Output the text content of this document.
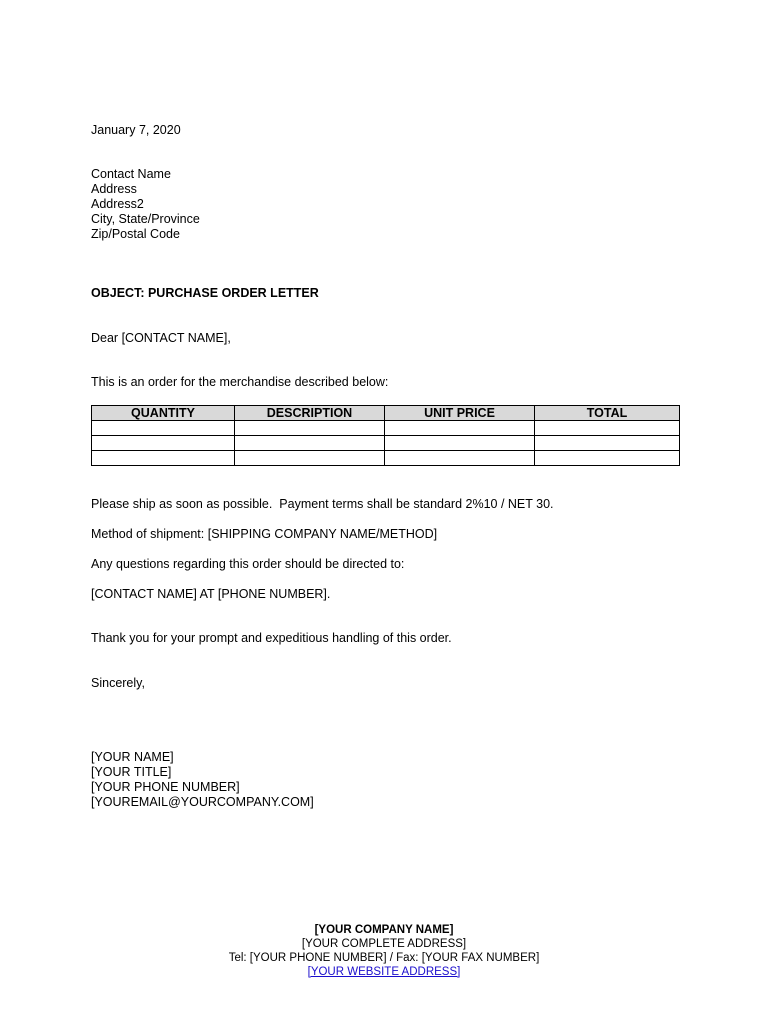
January 7, 2020
Contact Name
Address
Address2
City, State/Province
Zip/Postal Code
OBJECT: PURCHASE ORDER LETTER
Dear [CONTACT NAME],
This is an order for the merchandise described below:
QUANTITY	DESCRIPTION	UNIT PRICE	TOTAL

Please ship as soon as possible.  Payment terms shall be standard 2%10 / NET 30.
Method of shipment: [SHIPPING COMPANY NAME/METHOD]
Any questions regarding this order should be directed to:
[CONTACT NAME] AT [PHONE NUMBER].
Thank you for your prompt and expeditious handling of this order.
Sincerely,
[YOUR NAME]
[YOUR TITLE]
[YOUR PHONE NUMBER]
[YOUREMAIL@YOURCOMPANY.COM]
[YOUR COMPANY NAME]
[YOUR COMPLETE ADDRESS]
Tel: [YOUR PHONE NUMBER] / Fax: [YOUR FAX NUMBER]
[YOUR WEBSITE ADDRESS]
